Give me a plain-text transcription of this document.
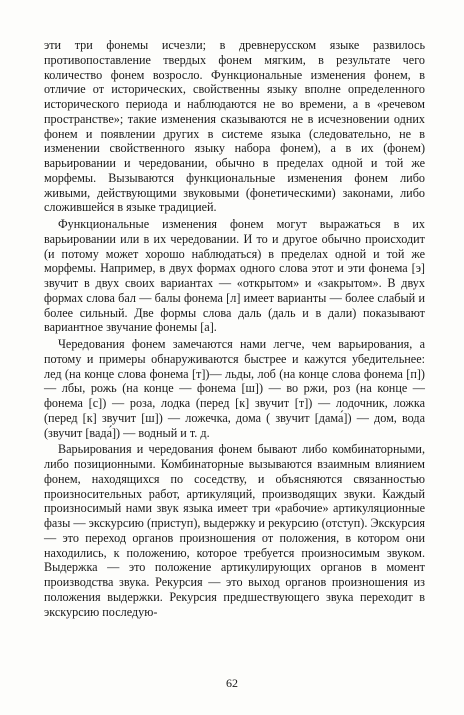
эти три фонемы исчезли; в древнерусском языке развилось противопоставление твердых фонем мягким, в результате чего количество фонем возросло. Функциональные изменения фонем, в отличие от исторических, свойственны языку вполне определенного исторического периода и наблюдаются не во времени, а в «речевом пространстве»; такие изменения сказываются не в исчезновении одних фонем и появлении других в системе языка (следовательно, не в изменении свойственного языку набора фонем), а в их (фонем) варьировании и чередовании, обычно в пределах одной и той же морфемы. Вызываются функциональные изменения фонем либо живыми, действующими звуковыми (фонетическими) законами, либо сложившейся в языке традицией.

Функциональные изменения фонем могут выражаться в их варьировании или в их чередовании. И то и другое обычно происходит (и потому может хорошо наблюдаться) в пределах одной и той же морфемы. Например, в двух формах одного слова этот и эти фонема [э] звучит в двух своих вариантах — «открытом» и «закрытом». В двух формах слова бал — балы фонема [л] имеет варианты — более слабый и более сильный. Две формы слова даль (даль и в дали) показывают вариантное звучание фонемы [а].

Чередования фонем замечаются нами легче, чем варьирования, а потому и примеры обнаруживаются быстрее и кажутся убедительнее: лед (на конце слова фонема [т])— льды, лоб (на конце слова фонема [п])— лбы, рожь (на конце — фонема [ш]) — во ржи, роз (на конце — фонема [с]) — роза, лодка (перед [к] звучит [т]) — лодочник, ложка (перед [к] звучит [ш]) — ложечка, дома ( звучит [дама́]) — дом, вода (звучит [вада́]) — водный и т. д.

Варьирования и чередования фонем бывают либо комбинаторными, либо позиционными. Комбинаторные вызываются взаимным влиянием фонем, находящихся по соседству, и объясняются связанностью произносительных работ, артикуляций, производящих звуки. Каждый произносимый нами звук языка имеет три «рабочие» артикуляционные фазы — экскурсию (приступ), выдержку и рекурсию (отступ). Экскурсия — это переход органов произношения от положения, в котором они находились, к положению, которое требуется произносимым звуком. Выдержка — это положение артикулирующих органов в момент производства звука. Рекурсия — это выход органов произношения из положения выдержки. Рекурсия предшествующего звука переходит в экскурсию последую-

62
